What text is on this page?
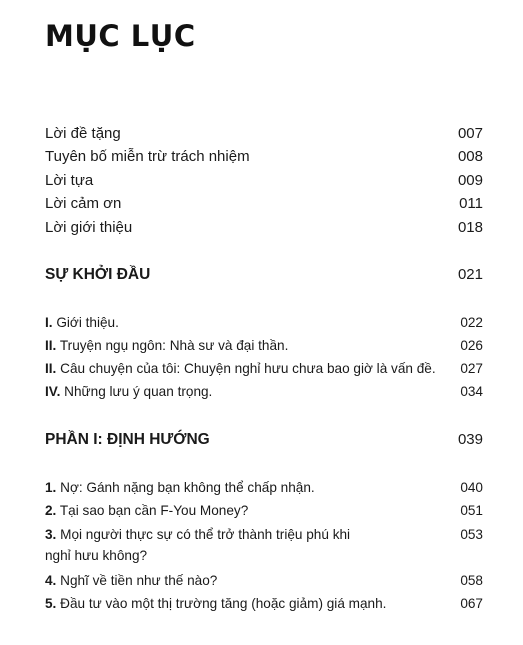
MỤC LỤC
Lời đề tặng	007
Tuyên bố miễn trừ trách nhiệm	008
Lời tựa	009
Lời cảm ơn	011
Lời giới thiệu	018
SỰ KHỞI ĐẦU	021
I. Giới thiệu.	022
II. Truyện ngụ ngôn: Nhà sư và đại thần.	026
II. Câu chuyện của tôi: Chuyện nghỉ hưu chưa bao giờ là vấn đề. 027
IV. Những lưu ý quan trọng.	034
PHẦN I: ĐỊNH HƯỚNG	039
1. Nợ: Gánh nặng bạn không thể chấp nhận.	040
2. Tại sao bạn cần F-You Money?	051
3. Mọi người thực sự có thể trở thành triệu phú khi nghỉ hưu không?
053
4. Nghĩ về tiền như thế nào?	058
5. Đầu tư vào một thị trường tăng (hoặc giảm) giá mạnh.	067
